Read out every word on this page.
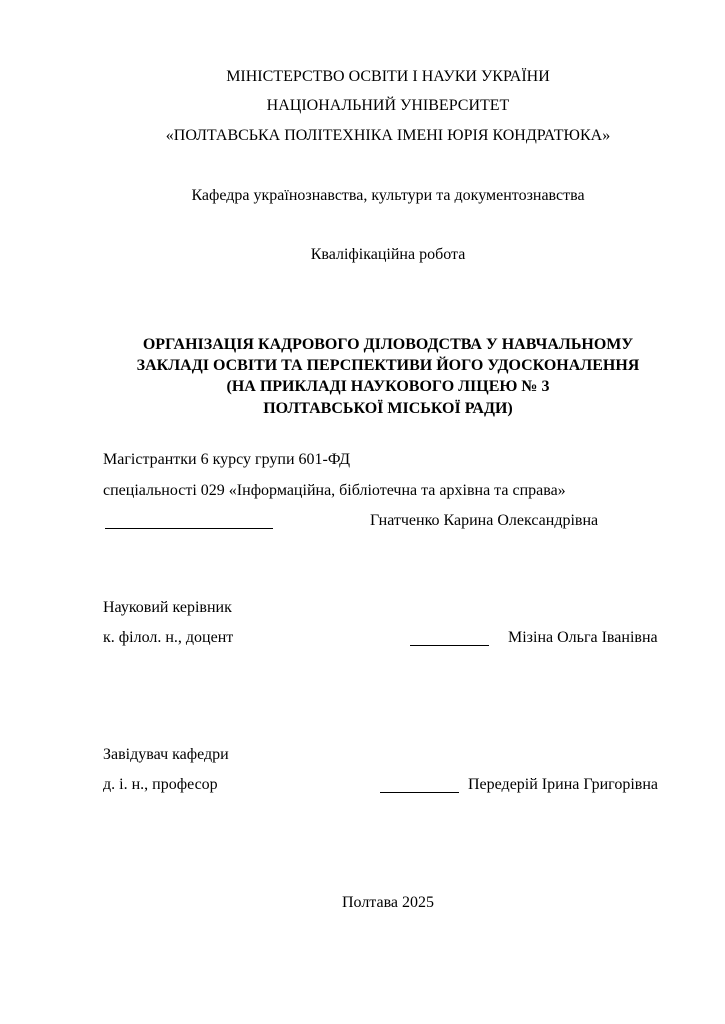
МІНІСТЕРСТВО ОСВІТИ І НАУКИ УКРАЇНИ
НАЦІОНАЛЬНИЙ УНІВЕРСИТЕТ
«ПОЛТАВСЬКА ПОЛІТЕХНІКА ІМЕНІ ЮРІЯ КОНДРАТЮКА»
Кафедра українознавства, культури та документознавства
Кваліфікаційна робота
ОРГАНІЗАЦІЯ КАДРОВОГО ДІЛОВОДСТВА У НАВЧАЛЬНОМУ
ЗАКЛАДІ ОСВІТИ ТА ПЕРСПЕКТИВИ ЙОГО УДОСКОНАЛЕННЯ
(НА ПРИКЛАДІ НАУКОВОГО ЛІЦЕЮ № 3
ПОЛТАВСЬКОЇ МІСЬКОЇ РАДИ)
Магістрантки 6 курсу групи 601-ФД
спеціальності 029 «Інформаційна, бібліотечна та архівна та справа»
Гнатченко Карина Олександрівна
Науковий керівник
к. філол. н., доцент	Мізіна Ольга Іванівна
Завідувач кафедри
д. і. н., професор	Передерій Ірина Григорівна
Полтава 2025
